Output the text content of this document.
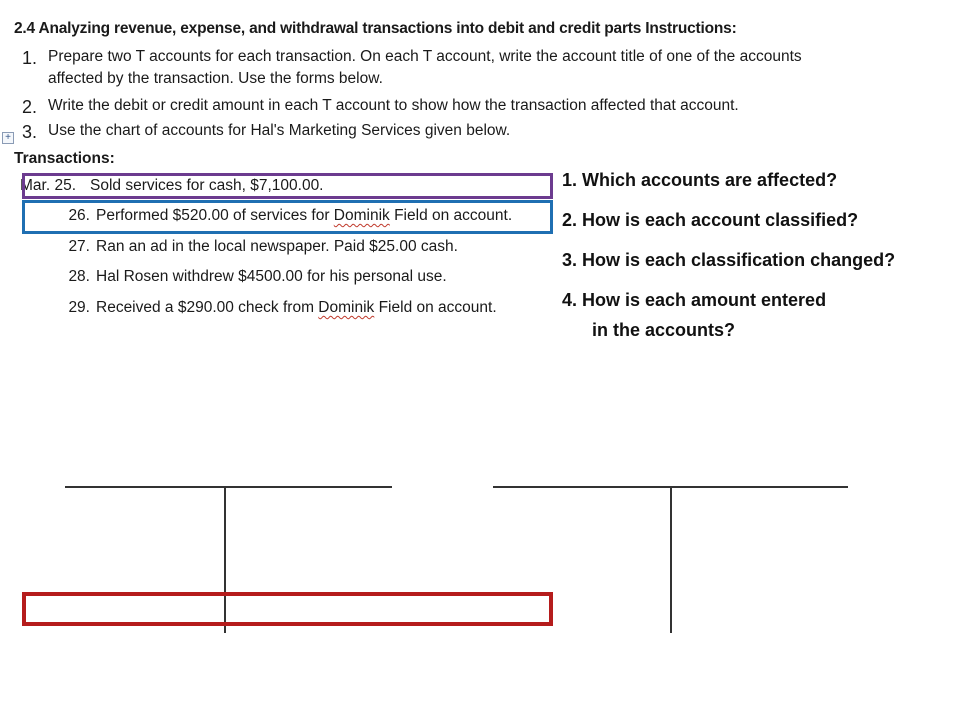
2.4 Analyzing revenue, expense, and withdrawal transactions into debit and credit parts Instructions:
1. Prepare two T accounts for each transaction. On each T account, write the account title of one of the accounts
affected by the transaction. Use the forms below.
2. Write the debit or credit amount in each T account to show how the transaction affected that account.
3. Use the chart of accounts for Hal's Marketing Services given below.
+
Transactions:
Mar. 25. Sold services for cash, $7,100.00.
26. Performed $520.00 of services for Dominik Field on account.
27. Ran an ad in the local newspaper. Paid $25.00 cash.
28. Hal Rosen withdrew $4500.00 for his personal use.
29. Received a $290.00 check from Dominik Field on account.
1. Which accounts are affected?
2. How is each account classified?
3. How is each classification changed?
4. How is each amount entered
in the accounts?
